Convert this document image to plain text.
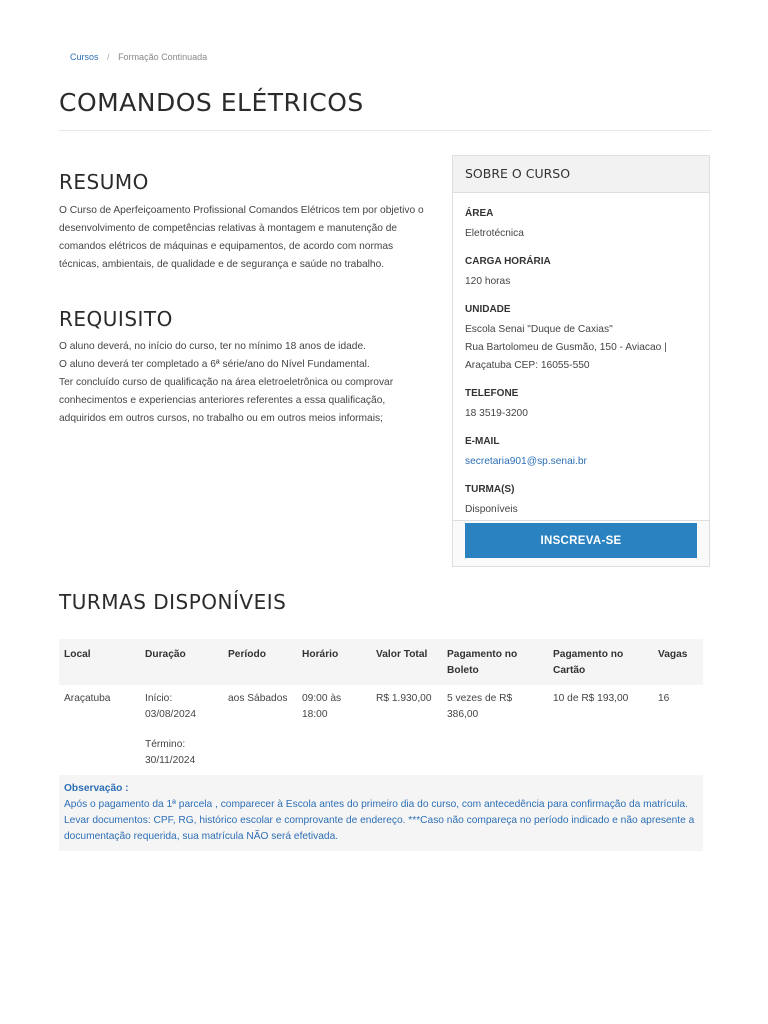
Cursos / Formação Continuada
COMANDOS ELÉTRICOS
RESUMO

O Curso de Aperfeiçoamento Profissional Comandos Elétricos tem por objetivo o desenvolvimento de competências relativas à montagem e manutenção de comandos elétricos de máquinas e equipamentos, de acordo com normas técnicas, ambientais, de qualidade e de segurança e saúde no trabalho.

REQUISITO
O aluno deverá, no início do curso, ter no mínimo 18 anos de idade.
O aluno deverá ter completado a 6ª série/ano do Nível Fundamental.
Ter concluído curso de qualificação na área eletroeletrônica ou comprovar conhecimentos e experiencias anteriores referentes a essa qualificação, adquiridos em outros cursos, no trabalho ou em outros meios informais;
SOBRE O CURSO

ÁREA

Eletrotécnica

CARGA HORÁRIA

120 horas

UNIDADE

Escola Senai "Duque de Caxias"
Rua Bartolomeu de Gusmão, 150 - Aviacao | Araçatuba CEP: 16055-550

TELEFONE

18 3519-3200

E-MAIL

secretaria901@sp.senai.br

TURMA(S)

Disponíveis

INSCREVA-SE
TURMAS DISPONÍVEIS
Local	Duração	Período	Horário	Valor Total	Pagamento no Boleto	Pagamento no Cartão	Vagas
Araçatuba	Início: 03/08/2024
Término: 30/11/2024	aos Sábados	09:00 às 18:00	R$ 1.930,00	5 vezes de R$ 386,00	10 de R$ 193,00	16
Observação :
Após o pagamento da 1ª parcela , comparecer à Escola antes do primeiro dia do curso, com antecedência para confirmação da matrícula. Levar documentos: CPF, RG, histórico escolar e comprovante de endereço. ***Caso não compareça no período indicado e não apresente a documentação requerida, sua matrícula NÃO será efetivada.							
